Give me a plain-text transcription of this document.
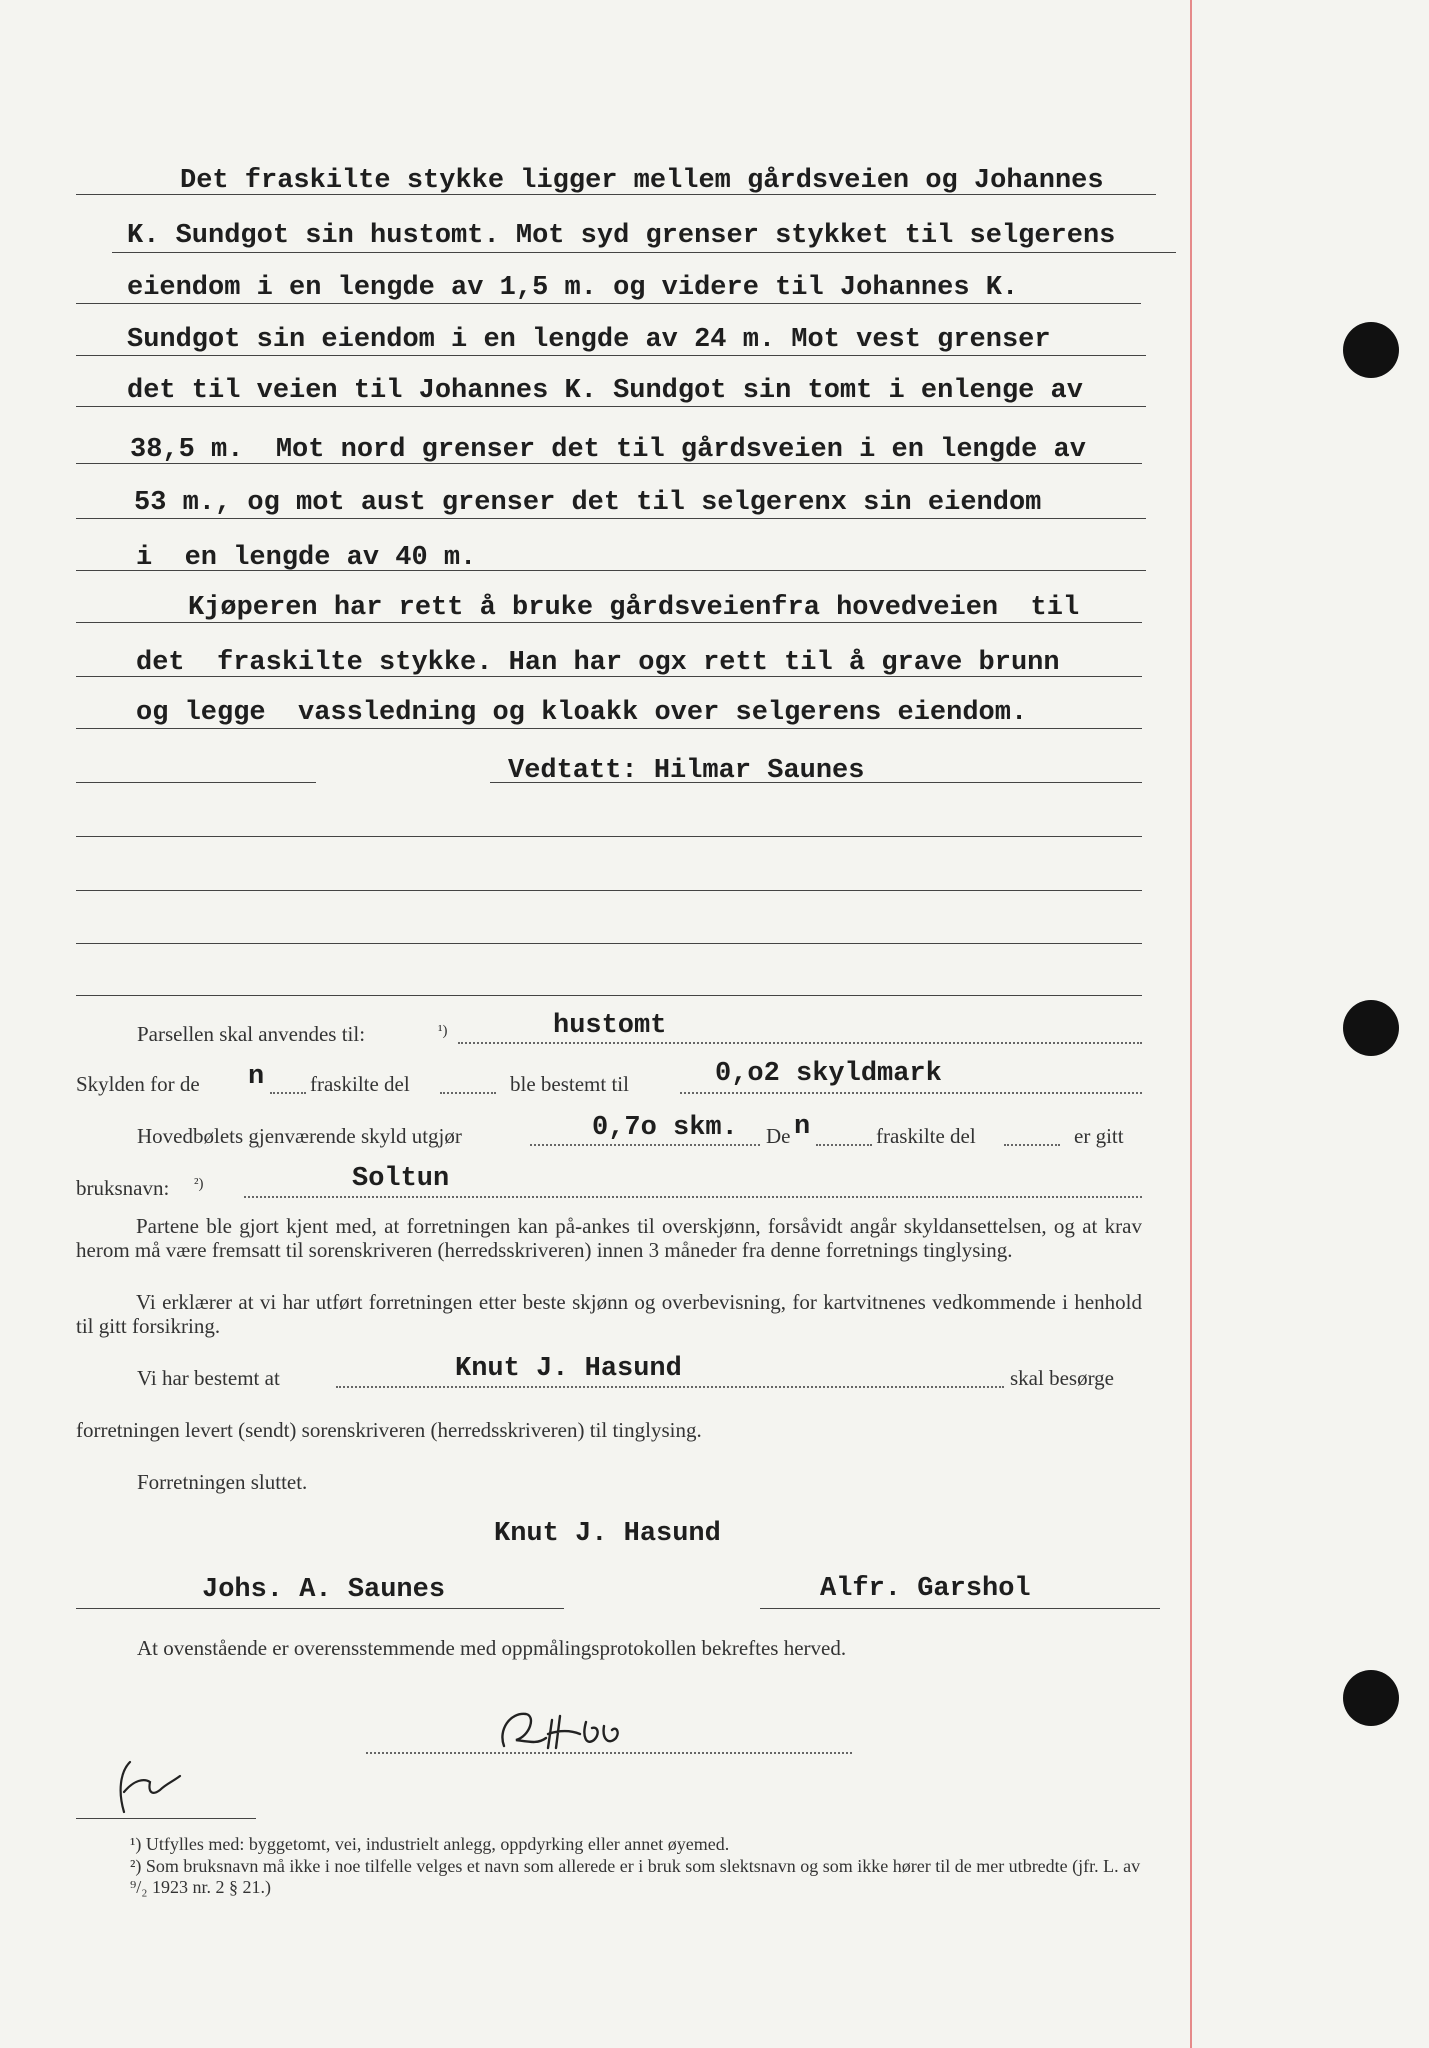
Det fraskilte stykke ligger mellem gårdsveien og Johannes
K. Sundgot sin hustomt. Mot syd grenser stykket til selgerens
eiendom i en lengde av 1,5 m. og videre til Johannes K.
Sundgot sin eiendom i en lengde av 24 m. Mot vest grenser
det til veien til Johannes K. Sundgot sin tomt i enlenge av
38,5 m.  Mot nord grenser det til gårdsveien i en lengde av
53 m., og mot aust grenser det til selgerenx sin eiendom
i  en lengde av 40 m.
Kjøperen har rett å bruke gårdsveienfra hovedveien  til
det  fraskilte stykke. Han har ogx rett til å grave brunn
og legge  vassledning og kloakk over selgerens eiendom.
Vedtatt: Hilmar Saunes
Parsellen skal anvendes til:	¹)	hustomt
Skylden for de n fraskilte del	ble bestemt til	0,o2 skyldmark
Hovedbølets gjenværende skyld utgjør	0,7o skm. De n	fraskilte del	er gitt
bruksnavn: ²)	Soltun
Partene ble gjort kjent med, at forretningen kan på-ankes til overskjønn, forsåvidt angår skyldansettelsen, og at krav herom må være fremsatt til sorenskriveren (herredsskriveren) innen 3 måneder fra denne forretnings tinglysing.
Vi erklærer at vi har utført forretningen etter beste skjønn og overbevisning, for kartvitnenes vedkommende i henhold til gitt forsikring.
Vi har bestemt at	Knut J. Hasund	skal besørge
forretningen levert (sendt) sorenskriveren (herredsskriveren) til tinglysing.
Forretningen sluttet.
Knut J. Hasund
Johs. A. Saunes	Alfr. Garshol
At ovenstående er overensstemmende med oppmålingsprotokollen bekreftes herved.
¹) Utfylles med: byggetomt, vei, industrielt anlegg, oppdyrking eller annet øyemed.
²) Som bruksnavn må ikke i noe tilfelle velges et navn som allerede er i bruk som slektsnavn og som ikke hører til de mer utbredte (jfr. L. av ⁹/₂ 1923 nr. 2 § 21.)
